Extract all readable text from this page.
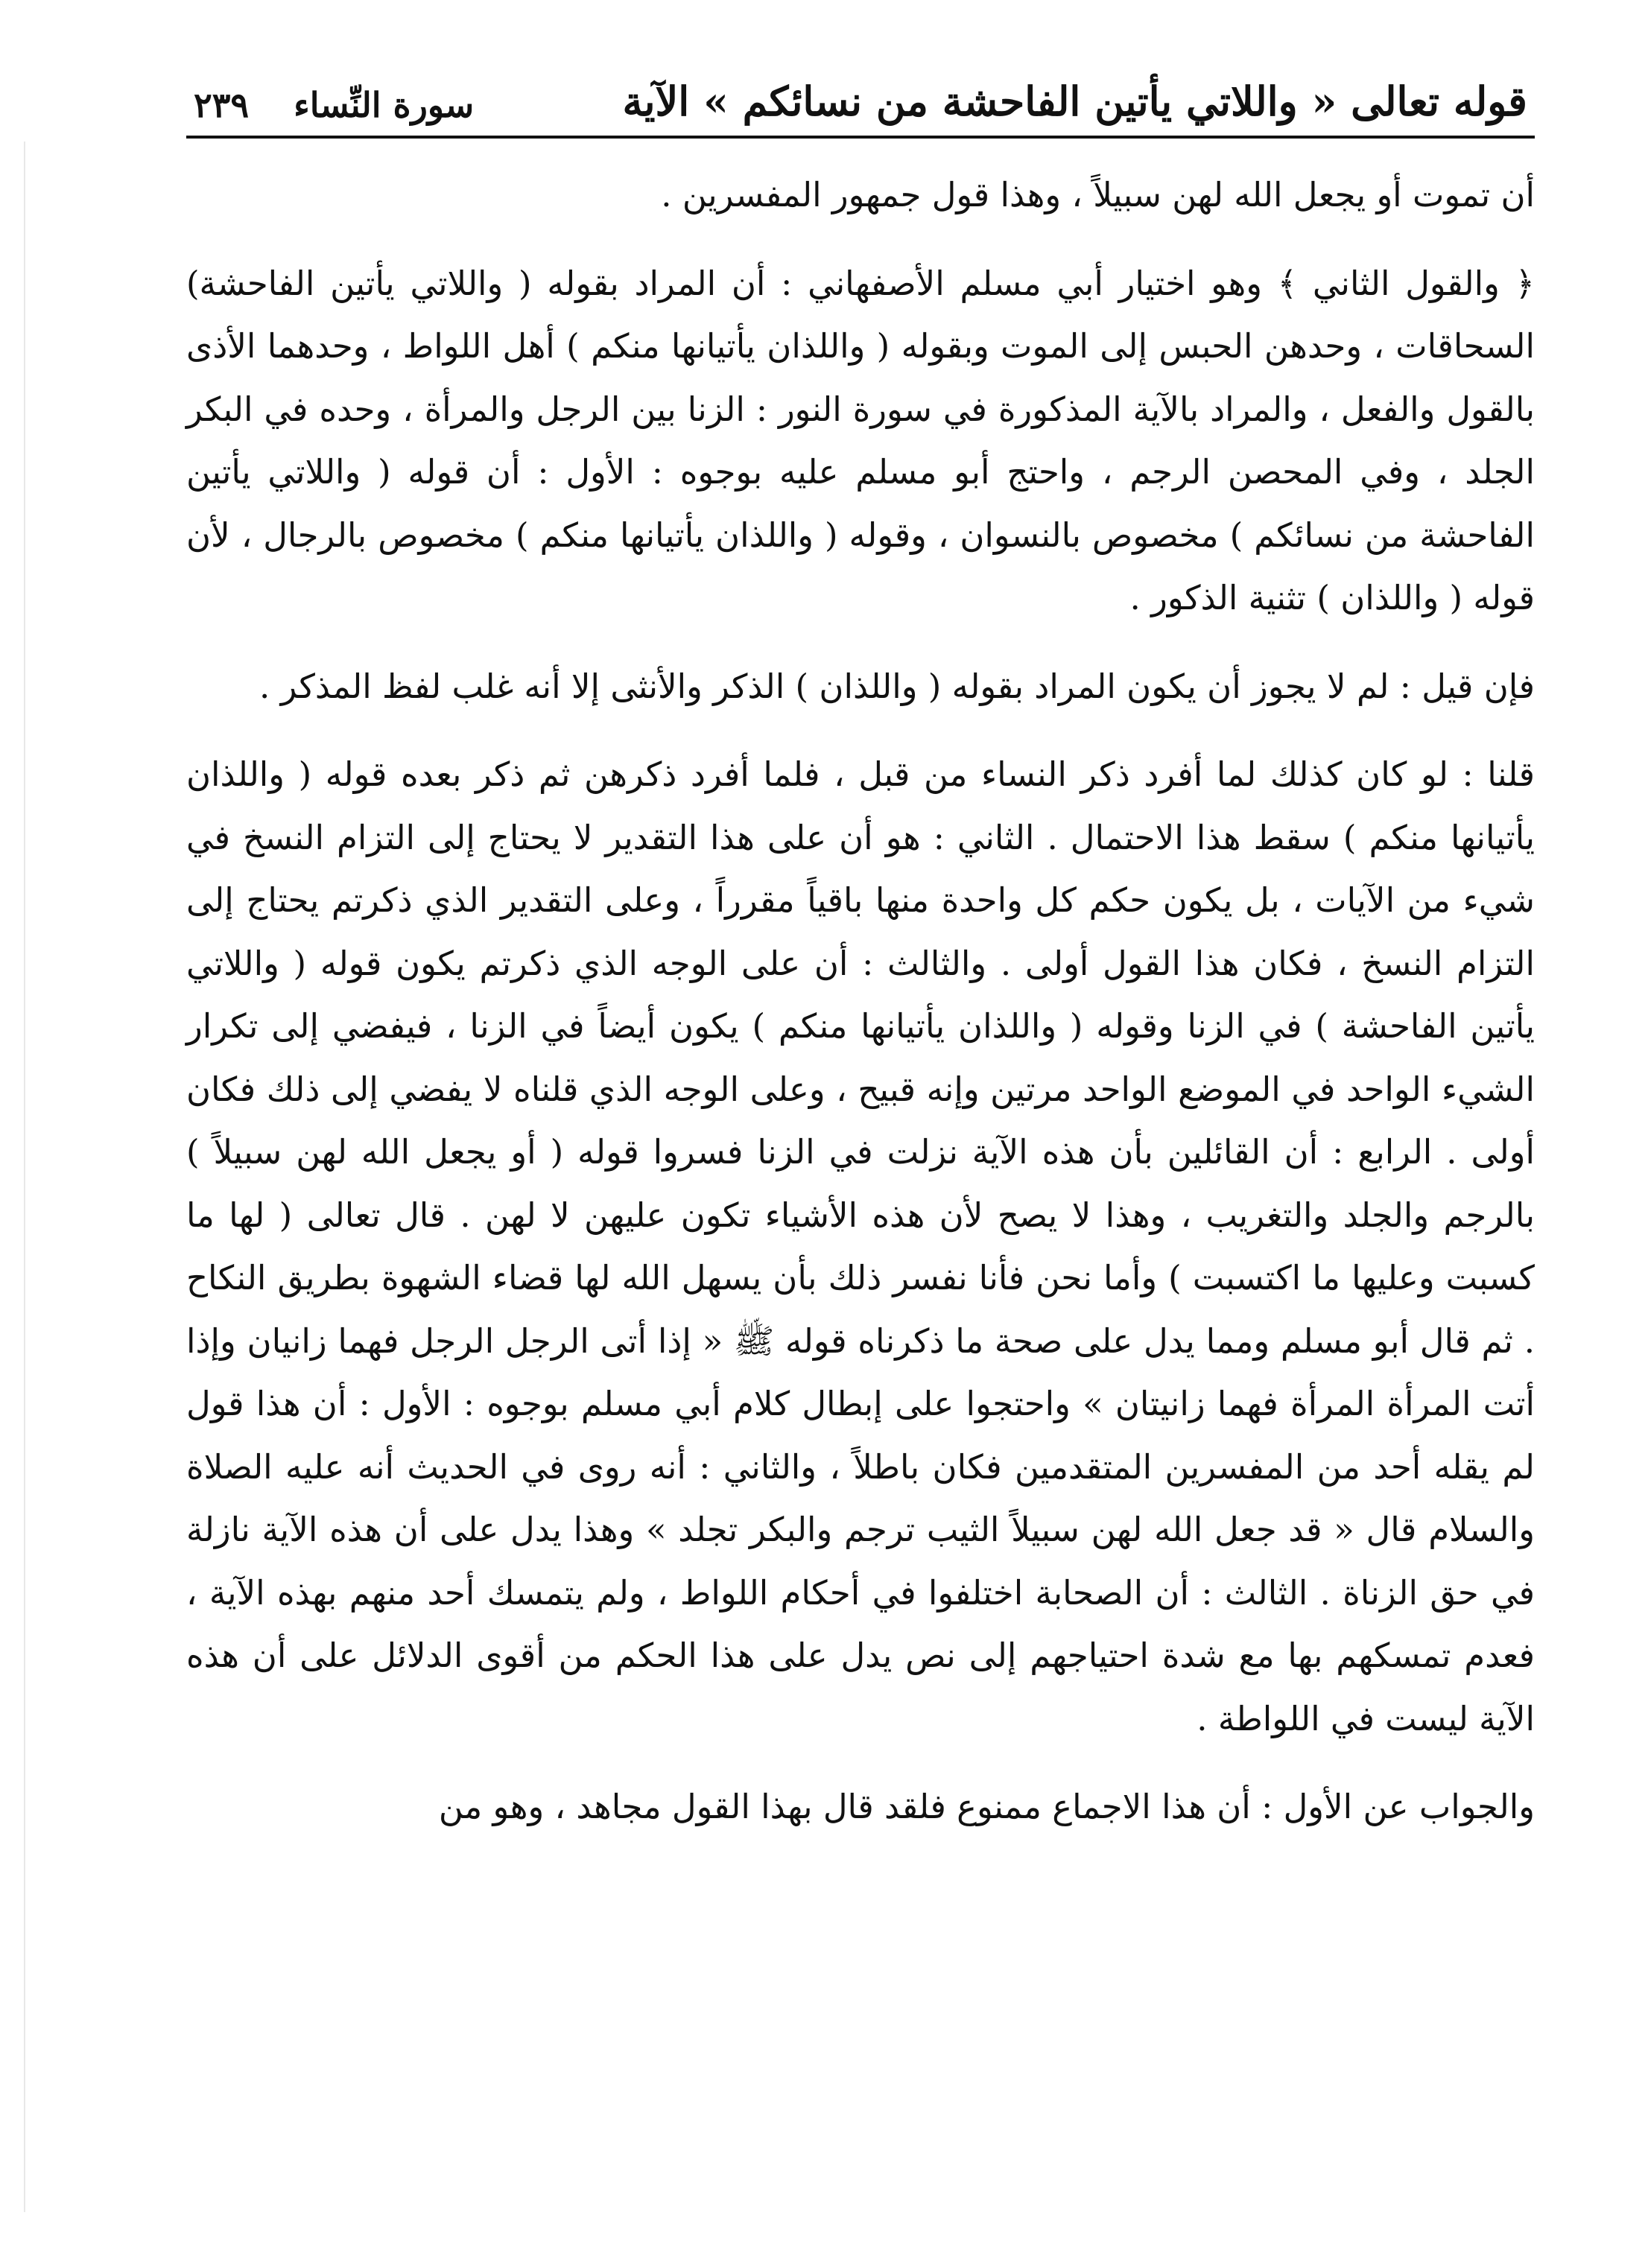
قوله تعالى « واللاتي يأتين الفاحشة من نسائكم » الآية
٢٣٩ سورة النِّساء

أن تموت أو يجعل الله لهن سبيلاً ، وهذا قول جمهور المفسرين .

﴿ والقول الثاني ﴾ وهو اختيار أبي مسلم الأصفهاني : أن المراد بقوله ( واللاتي يأتين الفاحشة) السحاقات ، وحدهن الحبس إلى الموت وبقوله ( واللذان يأتيانها منكم ) أهل اللواط ، وحدهما الأذى بالقول والفعل ، والمراد بالآية المذكورة في سورة النور : الزنا بين الرجل والمرأة ، وحده في البكر الجلد ، وفي المحصن الرجم ، واحتج أبو مسلم عليه بوجوه : الأول : أن قوله ( واللاتي يأتين الفاحشة من نسائكم ) مخصوص بالنسوان ، وقوله ( واللذان يأتيانها منكم ) مخصوص بالرجال ، لأن قوله ( واللذان ) تثنية الذكور .

فإن قيل : لم لا يجوز أن يكون المراد بقوله ( واللذان ) الذكر والأنثى إلا أنه غلب لفظ المذكر .

قلنا : لو كان كذلك لما أفرد ذكر النساء من قبل ، فلما أفرد ذكرهن ثم ذكر بعده قوله ( واللذان يأتيانها منكم ) سقط هذا الاحتمال . الثاني : هو أن على هذا التقدير لا يحتاج إلى التزام النسخ في شيء من الآيات ، بل يكون حكم كل واحدة منها باقياً مقرراً ، وعلى التقدير الذي ذكرتم يحتاج إلى التزام النسخ ، فكان هذا القول أولى . والثالث : أن على الوجه الذي ذكرتم يكون قوله ( واللاتي يأتين الفاحشة ) في الزنا وقوله ( واللذان يأتيانها منكم ) يكون أيضاً في الزنا ، فيفضي إلى تكرار الشيء الواحد في الموضع الواحد مرتين وإنه قبيح ، وعلى الوجه الذي قلناه لا يفضي إلى ذلك فكان أولى . الرابع : أن القائلين بأن هذه الآية نزلت في الزنا فسروا قوله ( أو يجعل الله لهن سبيلاً ) بالرجم والجلد والتغريب ، وهذا لا يصح لأن هذه الأشياء تكون عليهن لا لهن . قال تعالى ( لها ما كسبت وعليها ما اكتسبت ) وأما نحن فأنا نفسر ذلك بأن يسهل الله لها قضاء الشهوة بطريق النكاح . ثم قال أبو مسلم ومما يدل على صحة ما ذكرناه قوله ﷺ « إذا أتى الرجل الرجل فهما زانيان وإذا أتت المرأة المرأة فهما زانيتان » واحتجوا على إبطال كلام أبي مسلم بوجوه : الأول : أن هذا قول لم يقله أحد من المفسرين المتقدمين فكان باطلاً ، والثاني : أنه روى في الحديث أنه عليه الصلاة والسلام قال « قد جعل الله لهن سبيلاً الثيب ترجم والبكر تجلد » وهذا يدل على أن هذه الآية نازلة في حق الزناة . الثالث : أن الصحابة اختلفوا في أحكام اللواط ، ولم يتمسك أحد منهم بهذه الآية ، فعدم تمسكهم بها مع شدة احتياجهم إلى نص يدل على هذا الحكم من أقوى الدلائل على أن هذه الآية ليست في اللواطة .

والجواب عن الأول : أن هذا الاجماع ممنوع فلقد قال بهذا القول مجاهد ، وهو من
